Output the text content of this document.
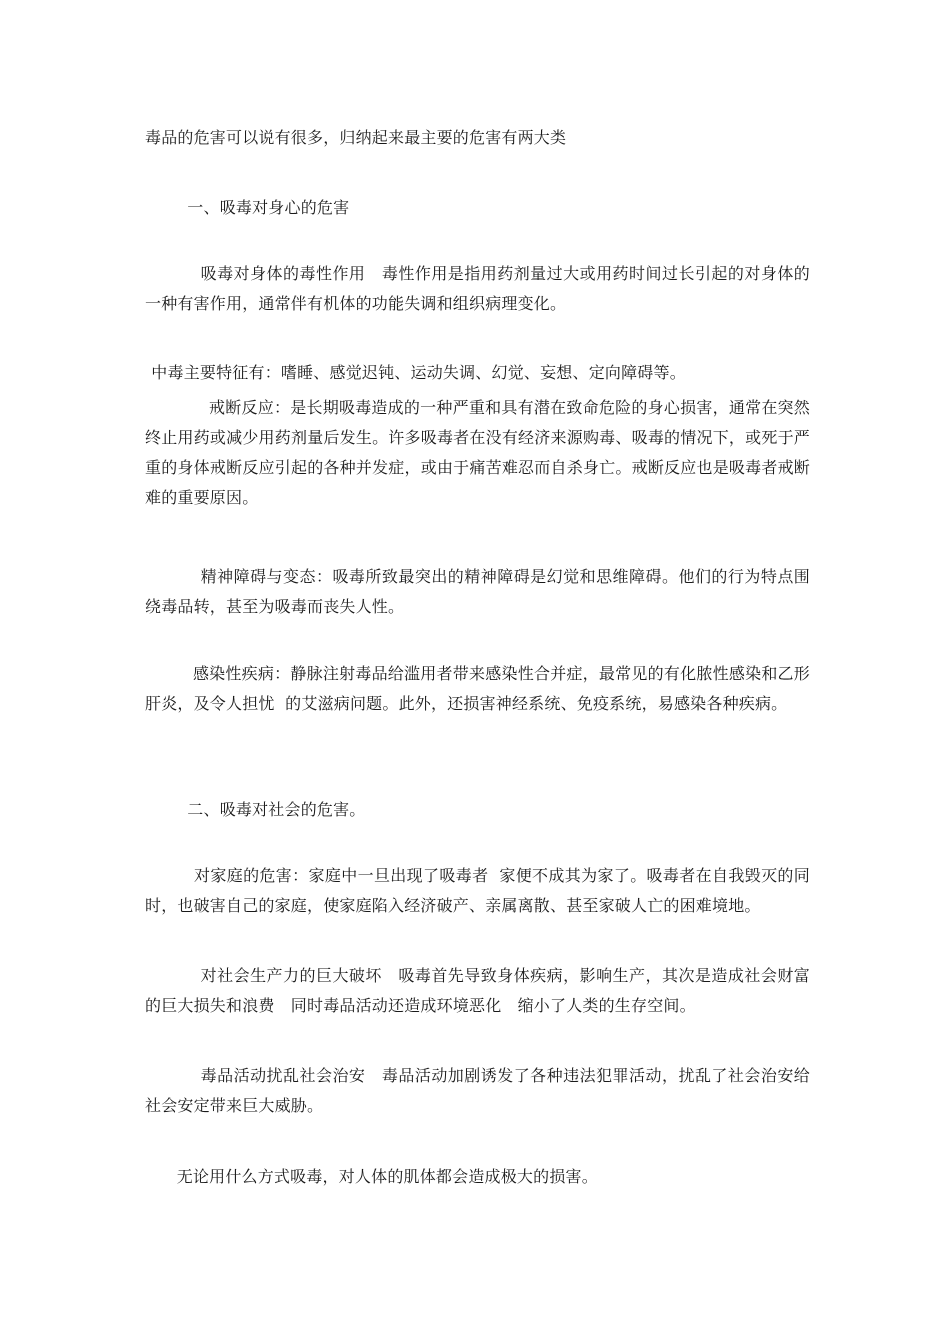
毒品的危害可以说有很多，归纳起来最主要的危害有两大类

一、吸毒对身心的危害

吸毒对身体的毒性作用　毒性作用是指用药剂量过大或用药时间过长引起的对身体的一种有害作用，通常伴有机体的功能失调和组织病理变化。

中毒主要特征有：嗜睡、感觉迟钝、运动失调、幻觉、妄想、定向障碍等。

戒断反应：是长期吸毒造成的一种严重和具有潜在致命危险的身心损害，通常在突然终止用药或减少用药剂量后发生。许多吸毒者在没有经济来源购毒、吸毒的情况下，或死于严重的身体戒断反应引起的各种并发症，或由于痛苦难忍而自杀身亡。戒断反应也是吸毒者戒断难的重要原因。

精神障碍与变态：吸毒所致最突出的精神障碍是幻觉和思维障碍。他们的行为特点围绕毒品转，甚至为吸毒而丧失人性。

感染性疾病：静脉注射毒品给滥用者带来感染性合并症，最常见的有化脓性感染和乙形肝炎，及令人担忧  的艾滋病问题。此外，还损害神经系统、免疫系统，易感染各种疾病。

二、吸毒对社会的危害。

对家庭的危害：家庭中一旦出现了吸毒者  家便不成其为家了。吸毒者在自我毁灭的同时，也破害自己的家庭，使家庭陷入经济破产、亲属离散、甚至家破人亡的困难境地。

对社会生产力的巨大破坏　吸毒首先导致身体疾病，影响生产，其次是造成社会财富的巨大损失和浪费　同时毒品活动还造成环境恶化　缩小了人类的生存空间。

毒品活动扰乱社会治安　毒品活动加剧诱发了各种违法犯罪活动，扰乱了社会治安给社会安定带来巨大威胁。

无论用什么方式吸毒，对人体的肌体都会造成极大的损害。
